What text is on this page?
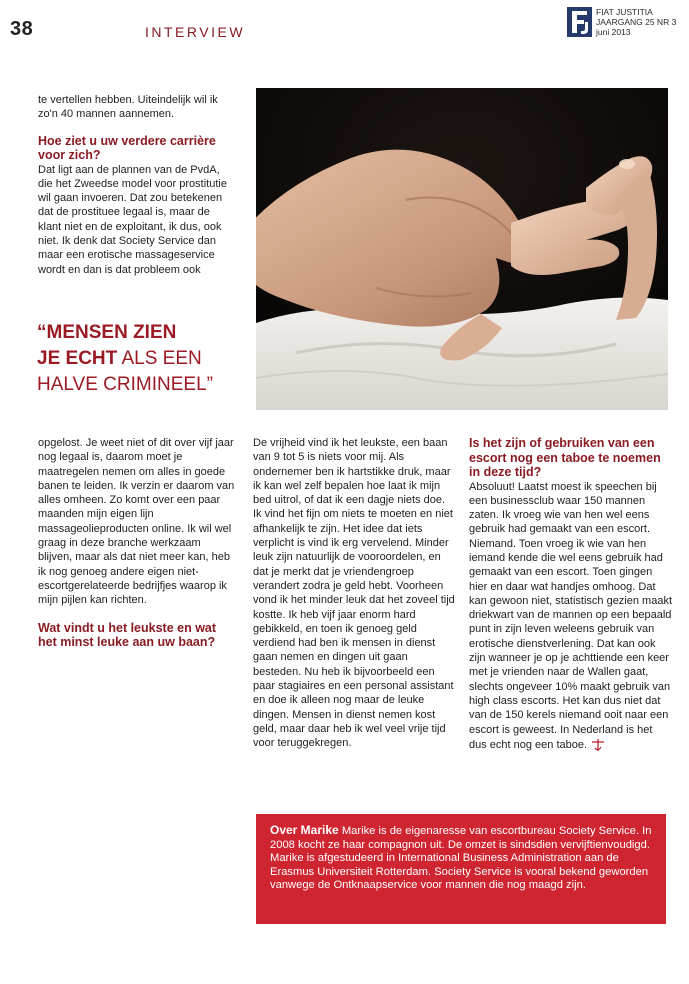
38	INTERVIEW
FIAT JUSTITIA
JAARGANG 25 NR 3
juni 2013

te vertellen hebben. Uiteindelijk wil ik zo'n 40 mannen aannemen.

Hoe ziet u uw verdere carrière voor zich?

Dat ligt aan de plannen van de PvdA, die het Zweedse model voor prostitutie wil gaan invoeren. Dat zou betekenen dat de prostituee legaal is, maar de klant niet en de exploitant, ik dus, ook niet. Ik denk dat Society Service dan maar een erotische massageservice wordt en dan is dat probleem ook

“MENSEN ZIEN
JE ECHT ALS EEN
HALVE CRIMINEEL”

opgelost. Je weet niet of dit over vijf jaar nog legaal is, daarom moet je maatregelen nemen om alles in goede banen te leiden. Ik verzin er daarom van alles omheen. Zo komt over een paar maanden mijn eigen lijn massageolieproducten online. Ik wil wel graag in deze branche werkzaam blijven, maar als dat niet meer kan, heb ik nog genoeg andere eigen niet-escortgerelateerde bedrijfjes waarop ik mijn pijlen kan richten.

Wat vindt u het leukste en wat het minst leuke aan uw baan?

De vrijheid vind ik het leukste, een baan van 9 tot 5 is niets voor mij. Als ondernemer ben ik hartstikke druk, maar ik kan wel zelf bepalen hoe laat ik mijn bed uitrol, of dat ik een dagje niets doe. Ik vind het fijn om niets te moeten en niet afhankelijk te zijn. Het idee dat iets verplicht is vind ik erg vervelend. Minder leuk zijn natuurlijk de vooroordelen, en dat je merkt dat je vriendengroep verandert zodra je geld hebt. Voorheen vond ik het minder leuk dat het zoveel tijd kostte. Ik heb vijf jaar enorm hard gebikkeld, en toen ik genoeg geld verdiend had ben ik mensen in dienst gaan nemen en dingen uit gaan besteden. Nu heb ik bijvoorbeeld een paar stagiaires en een personal assistant en doe ik alleen nog maar de leuke dingen. Mensen in dienst nemen kost geld, maar daar heb ik wel veel vrije tijd voor teruggekregen.

Is het zijn of gebruiken van een escort nog een taboe te noemen in deze tijd?

Absoluut! Laatst moest ik speechen bij een businessclub waar 150 mannen zaten. Ik vroeg wie van hen wel eens gebruik had gemaakt van een escort. Niemand. Toen vroeg ik wie van hen iemand kende die wel eens gebruik had gemaakt van een escort. Toen gingen hier en daar wat handjes omhoog. Dat kan gewoon niet, statistisch gezien maakt driekwart van de mannen op een bepaald punt in zijn leven weleens gebruik van erotische dienstverlening. Dat kan ook zijn wanneer je op je achttiende een keer met je vrienden naar de Wallen gaat, slechts ongeveer 10% maakt gebruik van high class escorts. Het kan dus niet dat van de 150 kerels niemand ooit naar een escort is geweest. In Nederland is het dus echt nog een taboe.

Over Marike Marike is de eigenaresse van escortbureau Society Service. In 2008 kocht ze haar compagnon uit. De omzet is sindsdien vervijftienvoudigd. Marike is afgestudeerd in International Business Administration aan de Erasmus Universiteit Rotterdam. Society Service is vooral bekend geworden vanwege de Ontknaapservice voor mannen die nog maagd zijn.
